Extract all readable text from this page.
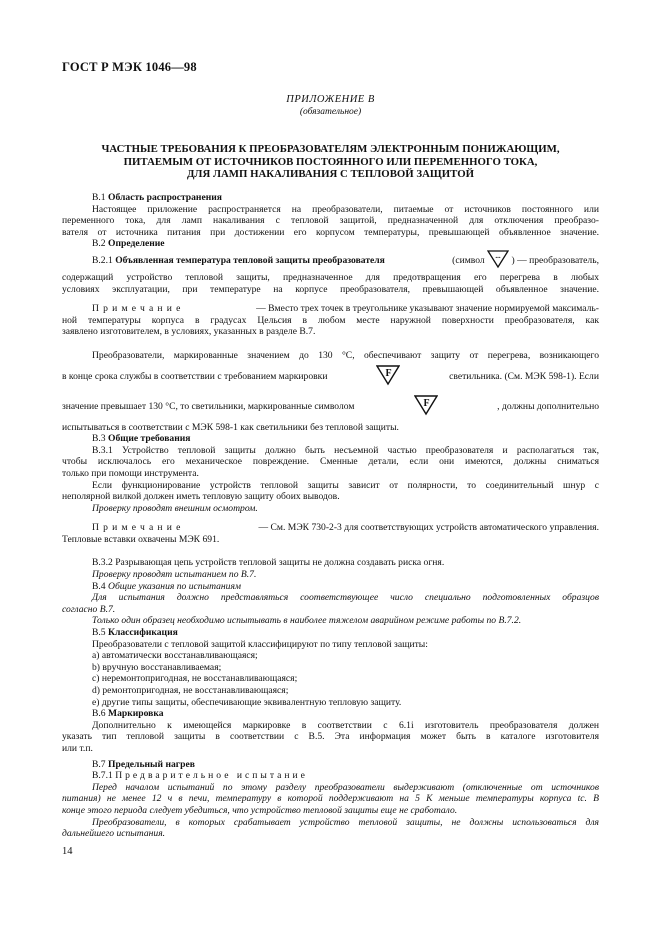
ГОСТ Р МЭК 1046—98
ПРИЛОЖЕНИЕ В
(обязательное)
ЧАСТНЫЕ ТРЕБОВАНИЯ К ПРЕОБРАЗОВАТЕЛЯМ ЭЛЕКТРОННЫМ ПОНИЖАЮЩИМ,
ПИТАЕМЫМ ОТ ИСТОЧНИКОВ ПОСТОЯННОГО ИЛИ ПЕРЕМЕННОГО ТОКА,
ДЛЯ ЛАМП НАКАЛИВАНИЯ С ТЕПЛОВОЙ ЗАЩИТОЙ
В.1 Область распространения
Настоящее приложение распространяется на преобразователи, питаемые от источников постоянного или
переменного тока, для ламп накаливания с тепловой защитой, предназначенной для отключения преобразо-
вателя от источника питания при достижении его корпусом температуры, превышающей объявленное значение.
В.2 Определение
В.2.1 Объявленная температура тепловой защиты преобразователя	(символ ... ) — преобразователь,
содержащий устройство тепловой защиты, предназначенное для предотвращения его перегрева в любых
условиях эксплуатации, при температуре на корпусе преобразователя, превышающей объявленное значение.
Примечание	— Вместо трех точек в треугольнике указывают значение нормируемой максималь-
ной температуры корпуса в градусах Цельсия в любом месте наружной поверхности преобразователя, как
заявлено изготовителем, в условиях, указанных в разделе В.7.
Преобразователи, маркированные значением до 130 °С, обеспечивают защиту от перегрева, возникающего
в конце срока службы в соответствии с требованием маркировки	F	светильника. (См. МЭК 598-1). Если
значение превышает 130 °С, то светильники, маркированные символом	F	, должны дополнительно
испытываться в соответствии с МЭК 598-1 как светильники без тепловой защиты.
В.3 Общие требования
В.3.1 Устройство тепловой защиты должно быть несъемной частью преобразователя и располагаться так,
чтобы исключалось его механическое повреждение. Сменные детали, если они имеются, должны сниматься
только при помощи инструмента.
Если функционирование устройств тепловой защиты зависит от полярности, то соединительный шнур с
неполярной вилкой должен иметь тепловую защиту обоих выводов.
Проверку проводят внешним осмотром.
Примечание	— См. МЭК 730-2-3 для соответствующих устройств автоматического управления.
Тепловые вставки охвачены МЭК 691.
В.3.2 Разрывающая цепь устройств тепловой защиты не должна создавать риска огня.
Проверку проводят испытанием по В.7.
В.4 Общие указания по испытаниям
Для испытания должно представляться соответствующее число специально подготовленных образцов
согласно В.7.
Только один образец необходимо испытывать в наиболее тяжелом аварийном режиме работы по В.7.2.
В.5 Классификация
Преобразователи с тепловой защитой классифицируют по типу тепловой защиты:
a) автоматически восстанавливающаяся;
b) вручную восстанавливаемая;
c) неремонтопригодная, не восстанавливающаяся;
d) ремонтопригодная, не восстанавливающаяся;
e) другие типы защиты, обеспечивающие эквивалентную тепловую защиту.
В.6 Маркировка
Дополнительно к имеющейся маркировке в соответствии с 6.1i изготовитель преобразователя должен
указать тип тепловой защиты в соответствии с В.5. Эта информация может быть в каталоге изготовителя
или т.п.
В.7 Предельный нагрев
В.7.1 Предварительное испытание
Перед началом испытаний по этому разделу преобразователи выдерживают (отключенные от источников
питания) не менее 12 ч в печи, температуру в которой поддерживают на 5 К меньше температуры корпуса tc. В
конце этого периода следует убедиться, что устройство тепловой защиты еще не сработало.
Преобразователи, в которых срабатывает устройство тепловой защиты, не должны использоваться для
дальнейшего испытания.
14
